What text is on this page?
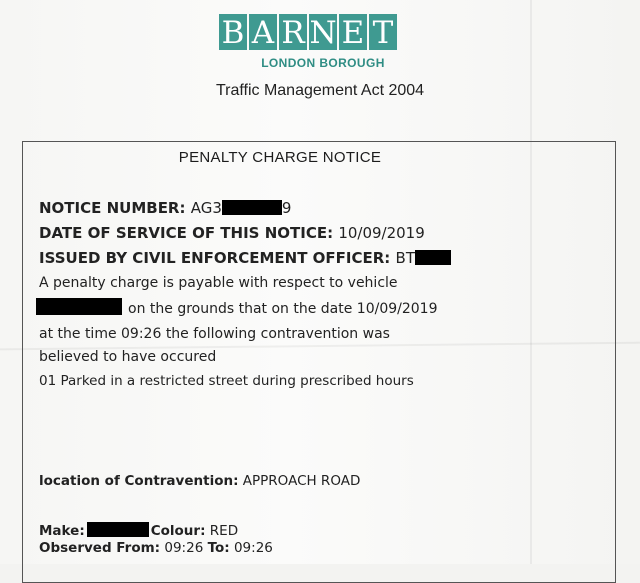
B A R N E T
LONDON BOROUGH
Traffic Management Act 2004
PENALTY CHARGE NOTICE
NOTICE NUMBER: AG3	9
DATE OF SERVICE OF THIS NOTICE: 10/09/2019
ISSUED BY CIVIL ENFORCEMENT OFFICER: BT
A penalty charge is payable with respect to vehicle
on the grounds that on the date 10/09/2019
at the time 09:26 the following contravention was
believed to have occured
01 Parked in a restricted street during prescribed hours
location of Contravention: APPROACH ROAD
Make:	Colour: RED
Observed From: 09:26 To: 09:26
